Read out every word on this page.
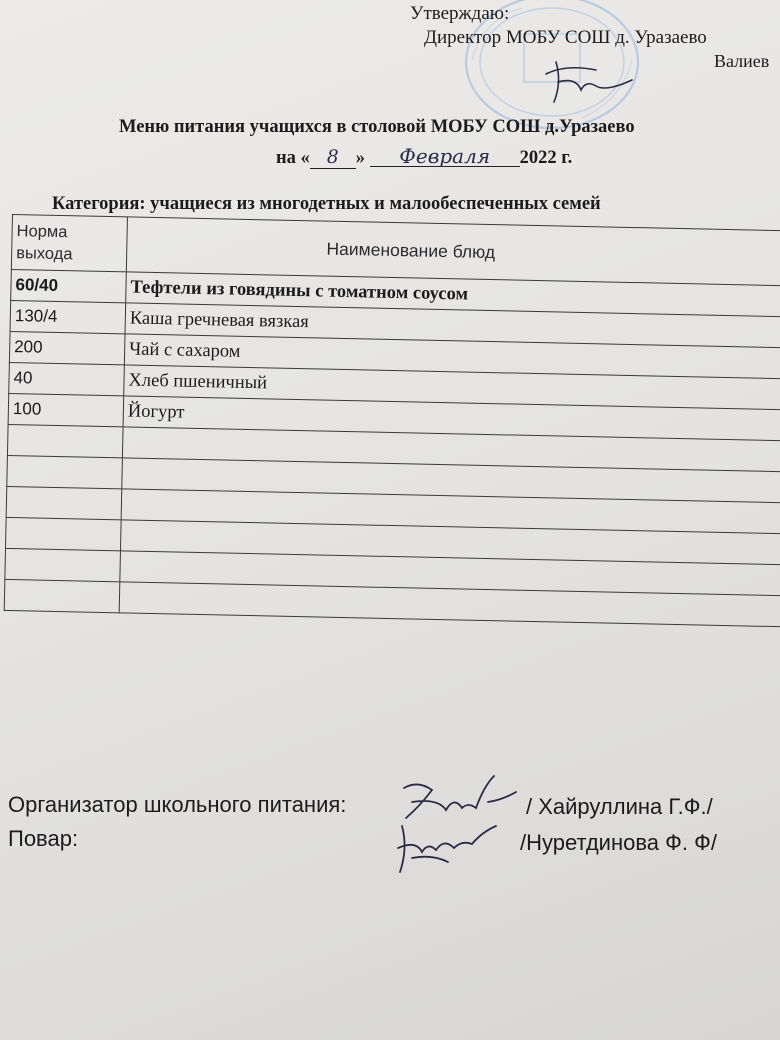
Утверждаю:
Директор МОБУ СОШ д. Уразаево
Валиев
Меню питания учащихся в столовой МОБУ СОШ д.Уразаево
на « 8 » Февраля 2022 г.
Категория: учащиеся из многодетных и малообеспеченных семей
Норма выхода	Наименование блюд
60/40	Тефтели из говядины с томатном соусом
130/4	Каша гречневая вязкая
200	Чай с сахаром
40	Хлеб пшеничный
100	Йогурт

Организатор школьного питания:	/ Хайруллина Г.Ф./
Повар:	/Нуретдинова Ф. Ф/
